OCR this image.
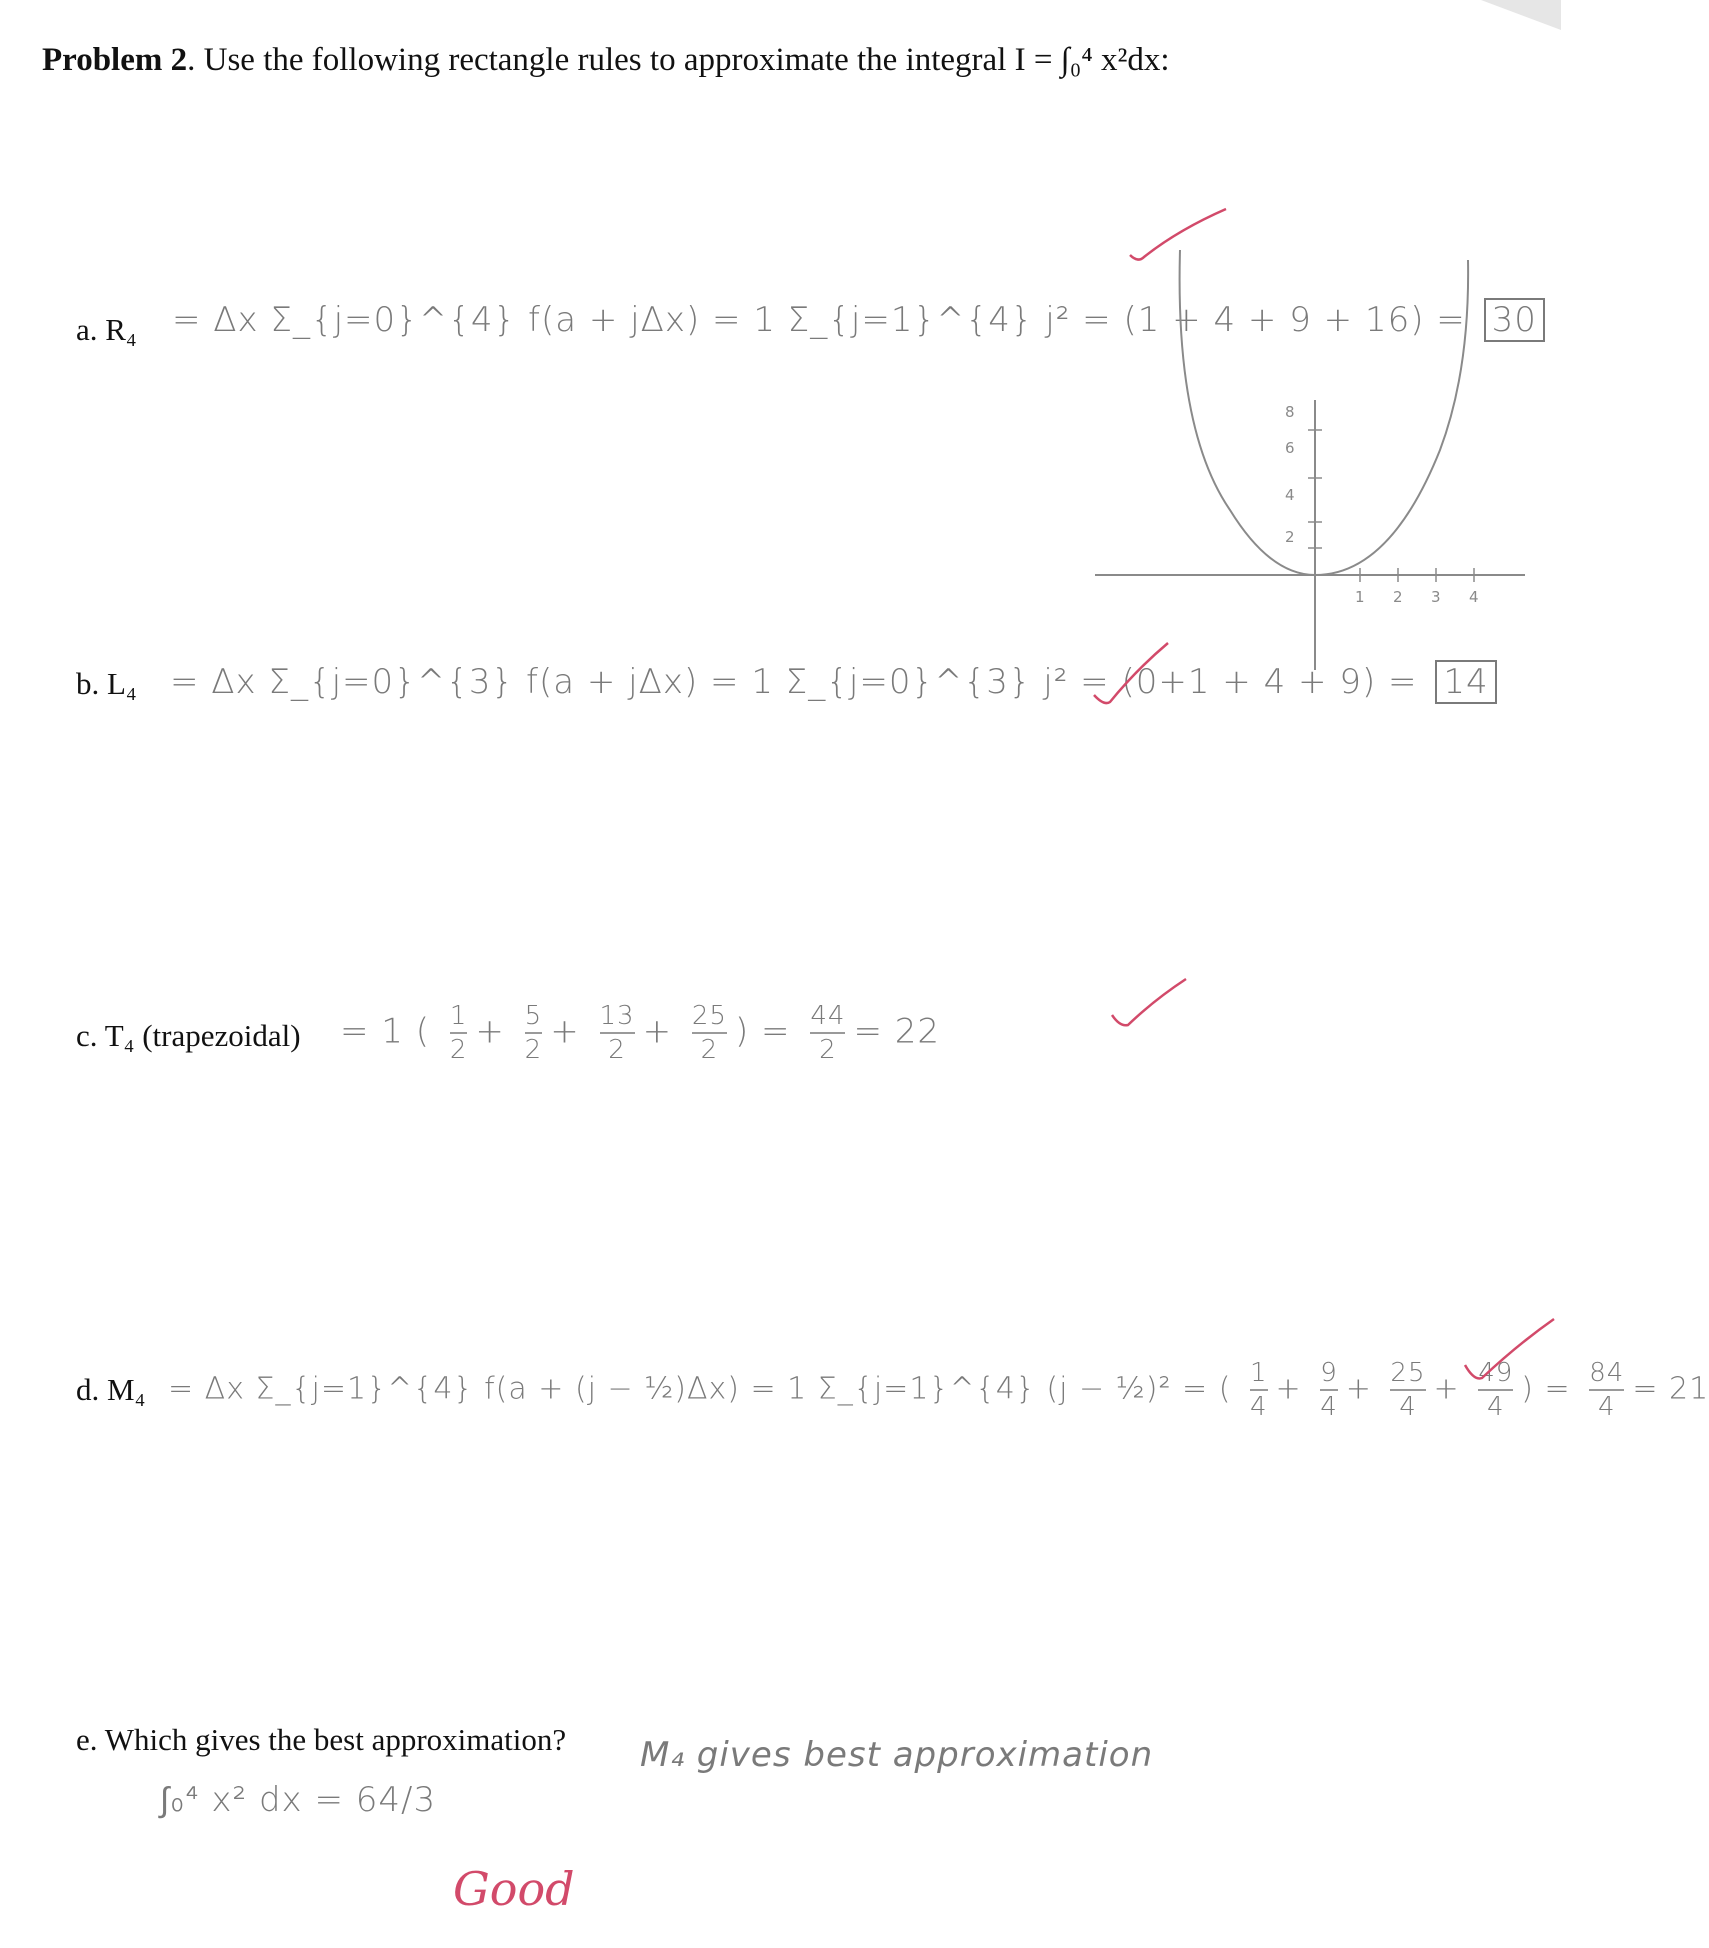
Problem 2. Use the following rectangle rules to approximate the integral I = ∫₀⁴ x²dx:
a. R₄ = Δx Σ_{j=0}^{4} f(a + jΔx) = 1 Σ_{j=1}^{4} j² = (1 + 4 + 9 + 16) = 30
b. L₄ = Δx Σ_{j=0}^{3} f(a + jΔx) = 1 Σ_{j=0}^{3} j² = (0+1 + 4 + 9) = 14
c. T₄ (trapezoidal) = 1 ( $\frac{1}{2} + \frac{5}{2} + \frac{13}{2} + \frac{25}{2}$ ) = $\frac{44}{2} = 22$
d. M₄ = Δx Σ_{j=1}^{4} f(a + (j − ½)Δx) = 1 Σ_{j=1}^{4} (j − ½)² = ( $\frac{1}{4} + \frac{9}{4} + \frac{25}{4} + \frac{49}{4}$ ) = $\frac{84}{4} = 21$
e. Which gives the best approximation? M₄ gives best approximation
∫₀⁴ x² dx = 64/3
Good
8
6
4
2
1 2 3 4
